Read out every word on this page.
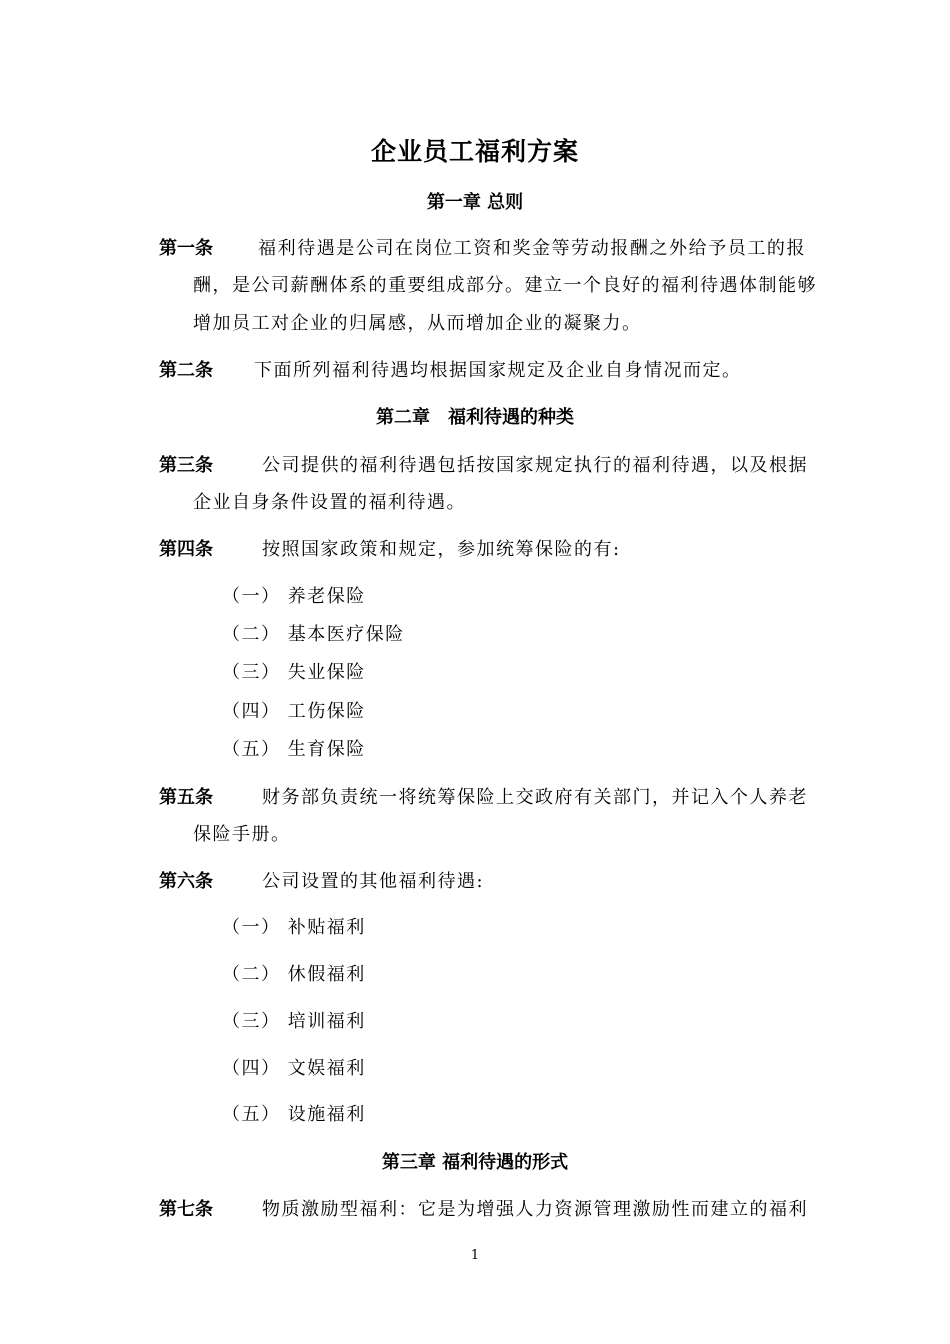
企业员工福利方案
第一章 总则
第一条	福利待遇是公司在岗位工资和奖金等劳动报酬之外给予员工的报
酬，是公司薪酬体系的重要组成部分。建立一个良好的福利待遇体制能够
增加员工对企业的归属感，从而增加企业的凝聚力。
第二条 下面所列福利待遇均根据国家规定及企业自身情况而定。
第二章　福利待遇的种类
第三条	公司提供的福利待遇包括按国家规定执行的福利待遇，以及根据
企业自身条件设置的福利待遇。
第四条	按照国家政策和规定，参加统筹保险的有:
（一） 养老保险
（二） 基本医疗保险
（三） 失业保险
（四） 工伤保险
（五） 生育保险
第五条	财务部负责统一将统筹保险上交政府有关部门，并记入个人养老
保险手册。
第六条	公司设置的其他福利待遇:
（一） 补贴福利
（二） 休假福利
（三） 培训福利
（四） 文娱福利
（五） 设施福利
第三章 福利待遇的形式
第七条	物质激励型福利：它是为增强人力资源管理激励性而建立的福利
1
